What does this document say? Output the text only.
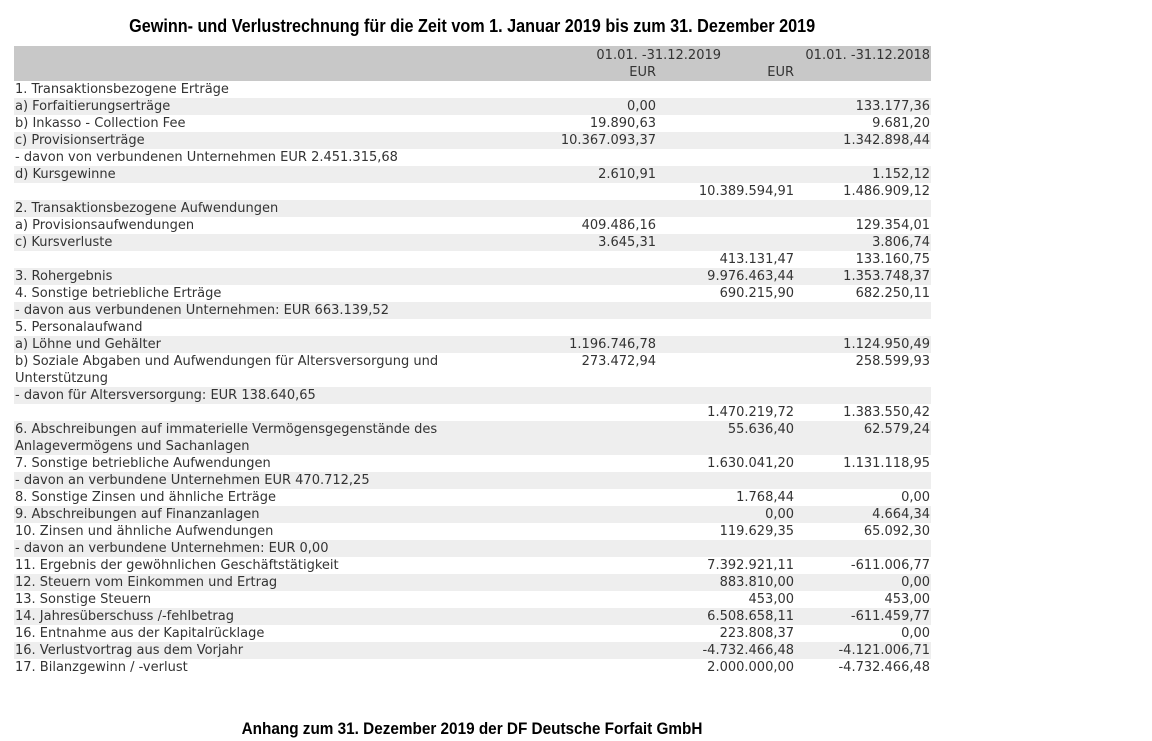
Gewinn- und Verlustrechnung für die Zeit vom 1. Januar 2019 bis zum 31. Dezember 2019
	01.01. -31.12.2019		01.01. -31.12.2018
	EUR	EUR	
1. Transaktionsbezogene Erträge			
a) Forfaitierungserträge	0,00		133.177,36
b) Inkasso - Collection Fee	19.890,63		9.681,20
c) Provisionserträge	10.367.093,37		1.342.898,44
- davon von verbundenen Unternehmen EUR 2.451.315,68			
d) Kursgewinne	2.610,91		1.152,12
		10.389.594,91	1.486.909,12
2. Transaktionsbezogene Aufwendungen			
a) Provisionsaufwendungen	409.486,16		129.354,01
c) Kursverluste	3.645,31		3.806,74
		413.131,47	133.160,75
3. Rohergebnis		9.976.463,44	1.353.748,37
4. Sonstige betriebliche Erträge		690.215,90	682.250,11
- davon aus verbundenen Unternehmen: EUR 663.139,52			
5. Personalaufwand			
a) Löhne und Gehälter	1.196.746,78		1.124.950,49
b) Soziale Abgaben und Aufwendungen für Altersversorgung und Unterstützung	273.472,94		258.599,93
- davon für Altersversorgung: EUR 138.640,65			
		1.470.219,72	1.383.550,42
6. Abschreibungen auf immaterielle Vermögensgegenstände des Anlagevermögens und Sachanlagen		55.636,40	62.579,24
7. Sonstige betriebliche Aufwendungen		1.630.041,20	1.131.118,95
- davon an verbundene Unternehmen EUR 470.712,25			
8. Sonstige Zinsen und ähnliche Erträge		1.768,44	0,00
9. Abschreibungen auf Finanzanlagen		0,00	4.664,34
10. Zinsen und ähnliche Aufwendungen		119.629,35	65.092,30
- davon an verbundene Unternehmen: EUR 0,00			
11. Ergebnis der gewöhnlichen Geschäftstätigkeit		7.392.921,11	-611.006,77
12. Steuern vom Einkommen und Ertrag		883.810,00	0,00
13. Sonstige Steuern		453,00	453,00
14. Jahresüberschuss /-fehlbetrag		6.508.658,11	-611.459,77
16. Entnahme aus der Kapitalrücklage		223.808,37	0,00
16. Verlustvortrag aus dem Vorjahr		-4.732.466,48	-4.121.006,71
17. Bilanzgewinn / -verlust		2.000.000,00	-4.732.466,48
Anhang zum 31. Dezember 2019 der DF Deutsche Forfait GmbH
